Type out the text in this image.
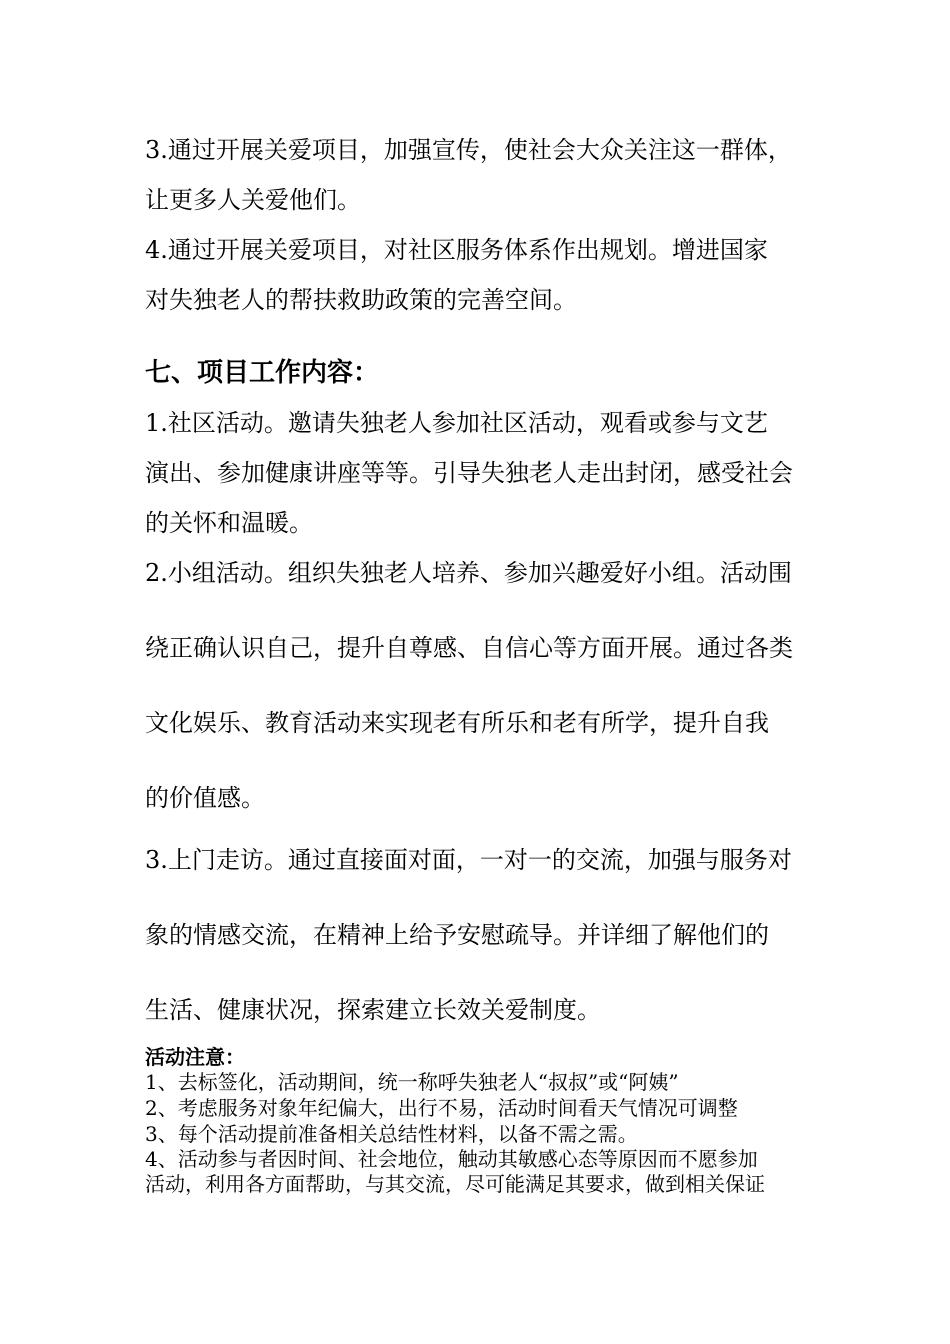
3.通过开展关爱项目，加强宣传，使社会大众关注这一群体，
让更多人关爱他们。
4.通过开展关爱项目，对社区服务体系作出规划。增进国家
对失独老人的帮扶救助政策的完善空间。
七、项目工作内容：
1.社区活动。邀请失独老人参加社区活动，观看或参与文艺
演出、参加健康讲座等等。引导失独老人走出封闭，感受社会
的关怀和温暖。
2.小组活动。组织失独老人培养、参加兴趣爱好小组。活动围
绕正确认识自己，提升自尊感、自信心等方面开展。通过各类
文化娱乐、教育活动来实现老有所乐和老有所学，提升自我
的价值感。
3.上门走访。通过直接面对面，一对一的交流，加强与服务对
象的情感交流，在精神上给予安慰疏导。并详细了解他们的
生活、健康状况，探索建立长效关爱制度。
活动注意：
1、去标签化，活动期间，统一称呼失独老人“叔叔”或“阿姨”
2、考虑服务对象年纪偏大，出行不易，活动时间看天气情况可调整
3、每个活动提前准备相关总结性材料，以备不需之需。
4、活动参与者因时间、社会地位，触动其敏感心态等原因而不愿参加
活动，利用各方面帮助，与其交流，尽可能满足其要求，做到相关保证
